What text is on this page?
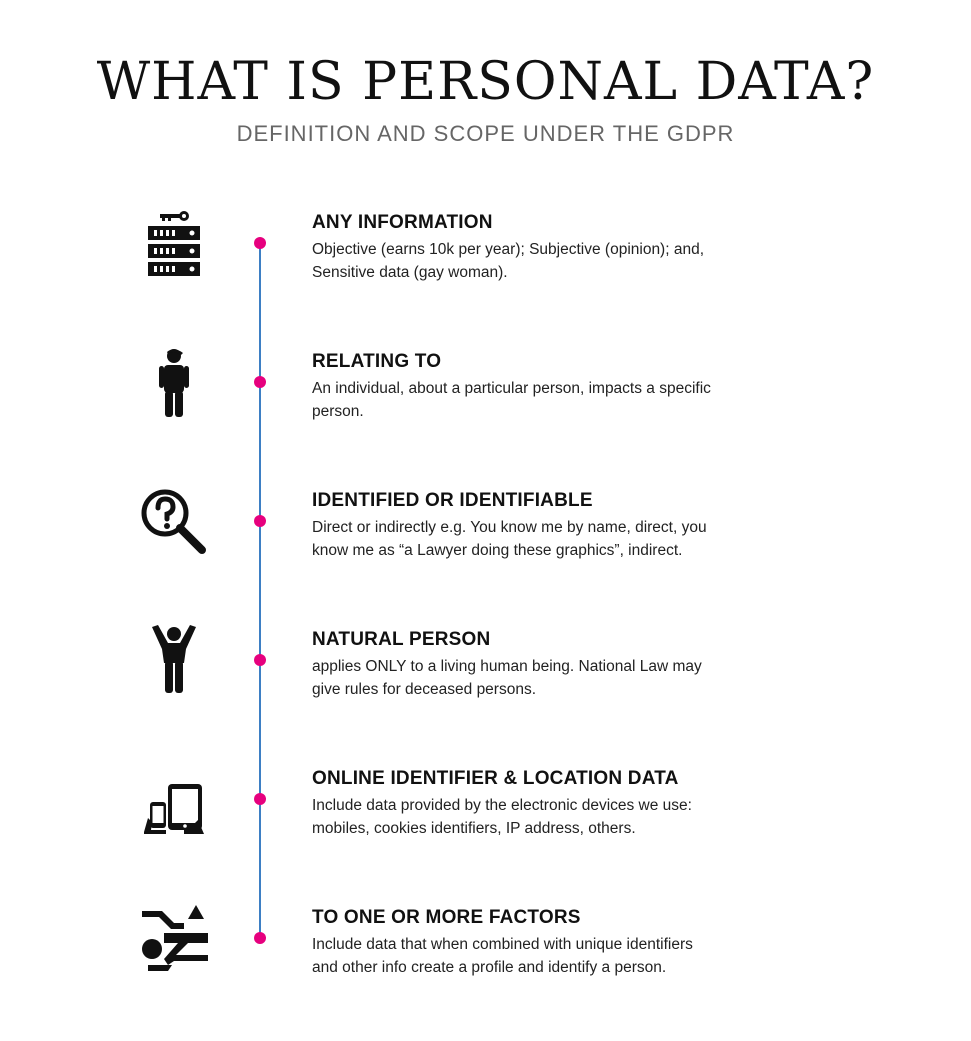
WHAT IS PERSONAL DATA?
DEFINITION AND SCOPE UNDER THE GDPR
ANY INFORMATION

Objective (earns 10k per year); Subjective (opinion); and,
Sensitive data (gay woman).

RELATING TO

An individual, about a particular person, impacts a specific
person.

IDENTIFIED OR IDENTIFIABLE

Direct or indirectly e.g. You know me by name, direct, you
know me as “a Lawyer doing these graphics”, indirect.

NATURAL PERSON

applies ONLY to a living human being. National Law may
give rules for deceased persons.

ONLINE IDENTIFIER & LOCATION DATA

Include data provided by the electronic devices we use:
mobiles, cookies identifiers, IP address, others.

TO ONE OR MORE FACTORS

Include data that when combined with unique identifiers
and other info create a profile and identify a person.
